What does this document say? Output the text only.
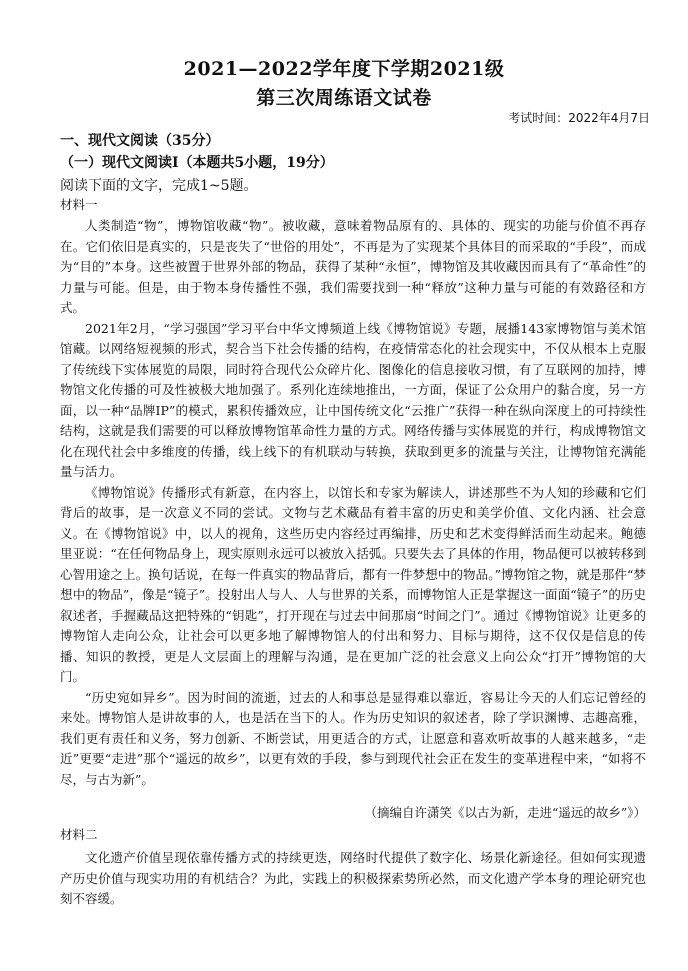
2021—2022学年度下学期2021级
第三次周练语文试卷
考试时间：2022年4月7日
一、现代文阅读（35分）
（一）现代文阅读I（本题共5小题，19分）
阅读下面的文字，完成1~5题。
材料一

人类制造“物”，博物馆收藏“物”。被收藏，意味着物品原有的、具体的、现实的功能与价值不再存在。它们依旧是真实的，只是丧失了“世俗的用处”，不再是为了实现某个具体目的而采取的“手段”，而成为“目的”本身。这些被置于世界外部的物品，获得了某种“永恒”，博物馆及其收藏因而具有了“革命性”的力量与可能。但是，由于物本身传播性不强，我们需要找到一种“释放”这种力量与可能的有效路径和方式。

2021年2月，“学习强国”学习平台中华文博频道上线《博物馆说》专题，展播143家博物馆与美术馆馆藏。以网络短视频的形式，契合当下社会传播的结构，在疫情常态化的社会现实中，不仅从根本上克服了传统线下实体展览的局限，同时符合现代公众碎片化、图像化的信息接收习惯，有了互联网的加持，博物馆文化传播的可及性被极大地加强了。系列化连续地推出，一方面，保证了公众用户的黏合度，另一方面，以一种“品牌IP”的模式，累积传播效应，让中国传统文化“云推广”获得一种在纵向深度上的可持续性结构，这就是我们需要的可以释放博物馆革命性力量的方式。网络传播与实体展览的并行，构成博物馆文化在现代社会中多维度的传播，线上线下的有机联动与转换，获取到更多的流量与关注，让博物馆充满能量与活力。

《博物馆说》传播形式有新意，在内容上，以馆长和专家为解读人，讲述那些不为人知的珍藏和它们背后的故事，是一次意义不同的尝试。文物与艺术藏品有着丰富的历史和美学价值、文化内涵、社会意义。在《博物馆说》中，以人的视角，这些历史内容经过再编排，历史和艺术变得鲜活而生动起来。鲍德里亚说：“在任何物品身上，现实原则永远可以被放入括弧。只要失去了具体的作用，物品便可以被转移到心智用途之上。换句话说，在每一件真实的物品背后，都有一件梦想中的物品。”博物馆之物，就是那件“梦想中的物品”，像是“镜子”。投射出人与人、人与世界的关系，而博物馆人正是掌握这一面面“镜子”的历史叙述者，手握藏品这把特殊的“钥匙”，打开现在与过去中间那扇“时间之门”。通过《博物馆说》让更多的博物馆人走向公众，让社会可以更多地了解博物馆人的付出和努力、目标与期待，这不仅仅是信息的传播、知识的教授，更是人文层面上的理解与沟通，是在更加广泛的社会意义上向公众“打开”博物馆的大门。

“历史宛如异乡”。因为时间的流逝，过去的人和事总是显得难以靠近，容易让今天的人们忘记曾经的来处。博物馆人是讲故事的人，也是活在当下的人。作为历史知识的叙述者，除了学识渊博、志趣高雅，我们更有责任和义务，努力创新、不断尝试，用更适合的方式，让愿意和喜欢听故事的人越来越多，“走近”更要“走进”那个“遥远的故乡”，以更有效的手段，参与到现代社会正在发生的变革进程中来，“如将不尽，与古为新”。

（摘编自许潇笑《以古为新，走进“遥远的故乡”》）
材料二

文化遗产价值呈现依靠传播方式的持续更迭，网络时代提供了数字化、场景化新途径。但如何实现遗产历史价值与现实功用的有机结合？为此，实践上的积极探索势所必然，而文化遗产学本身的理论研究也刻不容缓。
